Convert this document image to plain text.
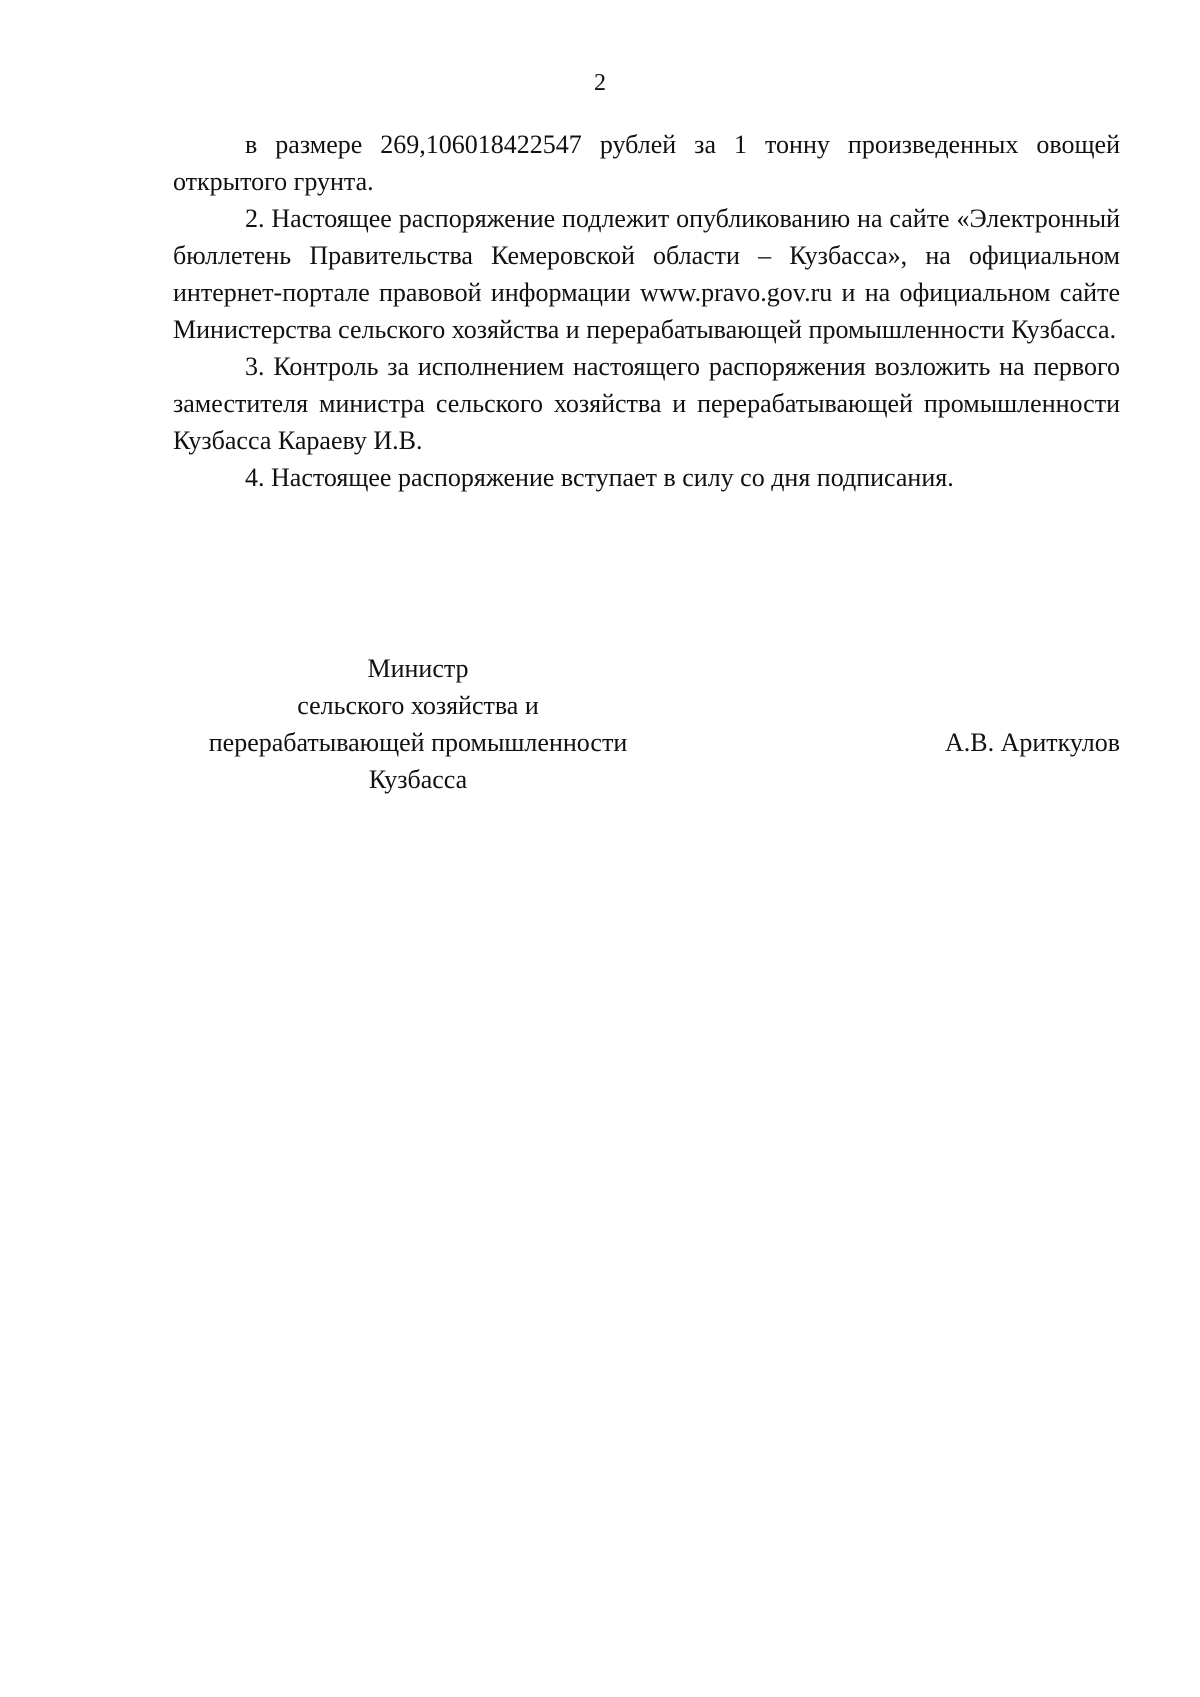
2

в размере 269,106018422547 рублей за 1 тонну произведенных овощей открытого грунта.

2. Настоящее распоряжение подлежит опубликованию на сайте «Электронный бюллетень Правительства Кемеровской области – Кузбасса», на официальном интернет-портале правовой информации www.pravo.gov.ru и на официальном сайте Министерства сельского хозяйства и перерабатывающей промышленности Кузбасса.

3. Контроль за исполнением настоящего распоряжения возложить на первого заместителя министра сельского хозяйства и перерабатывающей промышленности Кузбасса Караеву И.В.

4. Настоящее распоряжение вступает в силу со дня подписания.

Министр
сельского хозяйства и
перерабатывающей промышленности
Кузбасса
А.В. Ариткулов
